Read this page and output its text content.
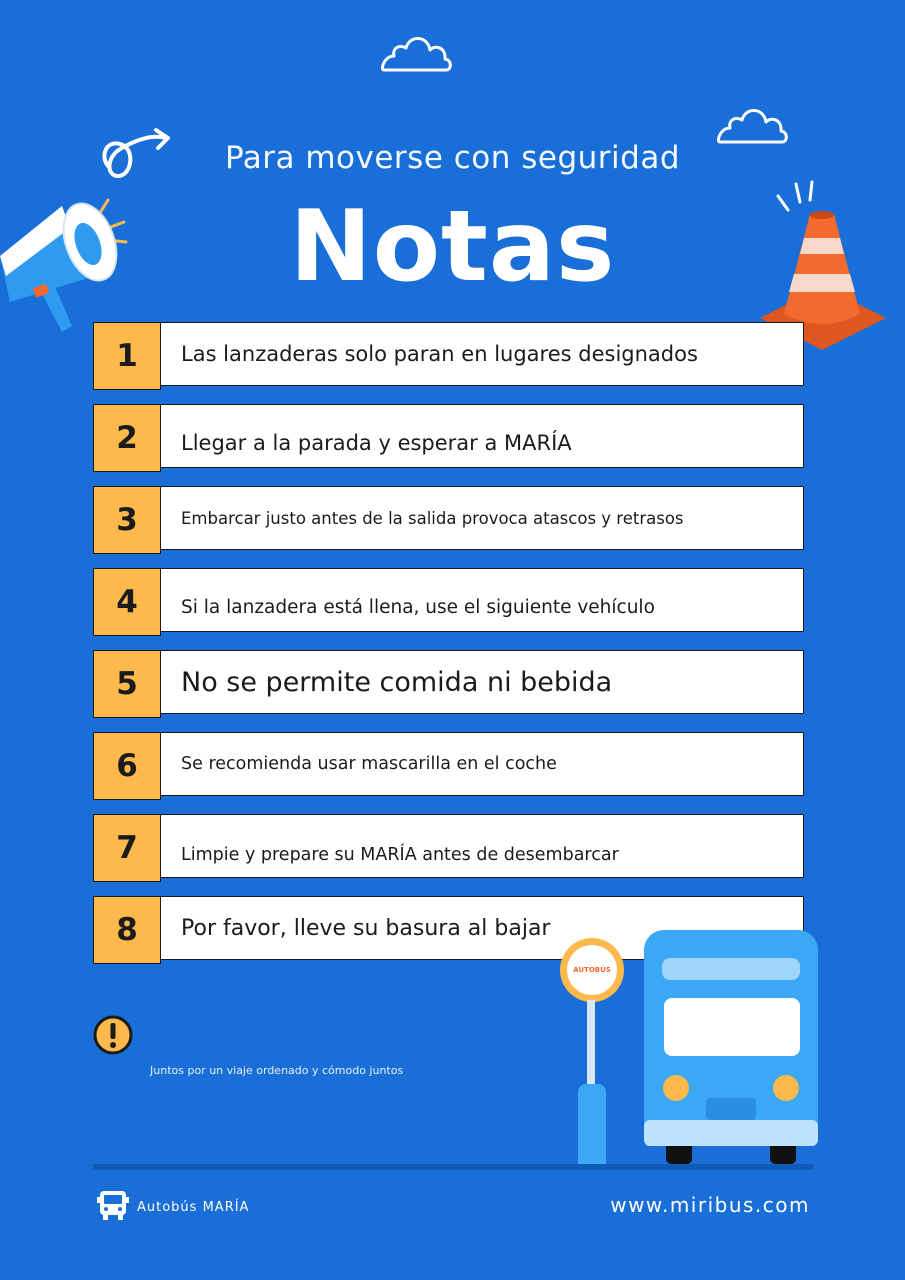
Para moverse con seguridad
Notas
1	Las lanzaderas solo paran en lugares designados
2	Llegar a la parada y esperar a MARÍA
3	Embarcar justo antes de la salida provoca atascos y retrasos
4	Si la lanzadera está llena, use el siguiente vehículo
5	No se permite comida ni bebida
6	Se recomienda usar mascarilla en el coche
7	Limpie y prepare su MARÍA antes de desembarcar
8	Por favor, lleve su basura al bajar
Juntos por un viaje ordenado y cómodo juntos
AUTOBÚS
Autobús MARÍA	www.miribus.com
